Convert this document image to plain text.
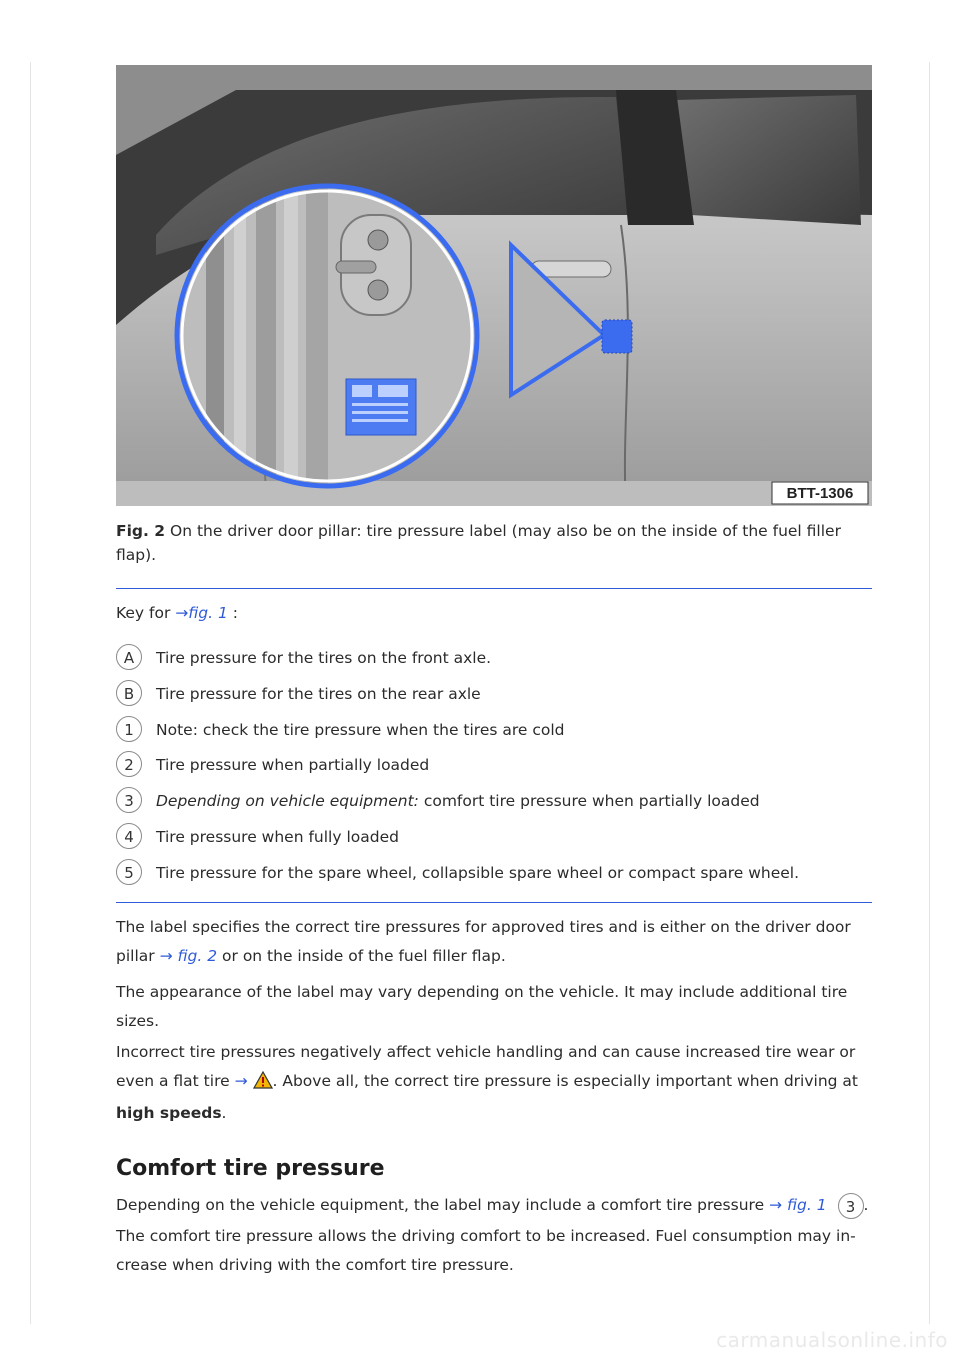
BTT-1306
Fig. 2 On the driver door pillar: tire pressure label (may also be on the inside of the fuel filler flap).
Key for →fig. 1 :
A	Tire pressure for the tires on the front axle.
B	Tire pressure for the tires on the rear axle
1	Note: check the tire pressure when the tires are cold
2	Tire pressure when partially loaded
3	Depending on vehicle equipment: comfort tire pressure when partially loaded
4	Tire pressure when fully loaded
5	Tire pressure for the spare wheel, collapsible spare wheel or compact spare wheel.
The label specifies the correct tire pressures for approved tires and is either on the driver door pillar → fig. 2 or on the inside of the fuel filler flap.
The appearance of the label may vary depending on the vehicle. It may include additional tire sizes.
Incorrect tire pressures negatively affect vehicle handling and can cause increased tire wear or even a flat tire → . Above all, the correct tire pressure is especially important when driving at high speeds.
Comfort tire pressure
Depending on the vehicle equipment, the label may include a comfort tire pressure → fig. 1 3 .
The comfort tire pressure allows the driving comfort to be increased. Fuel consumption may in-crease when driving with the comfort tire pressure.
carmanualsonline.info
